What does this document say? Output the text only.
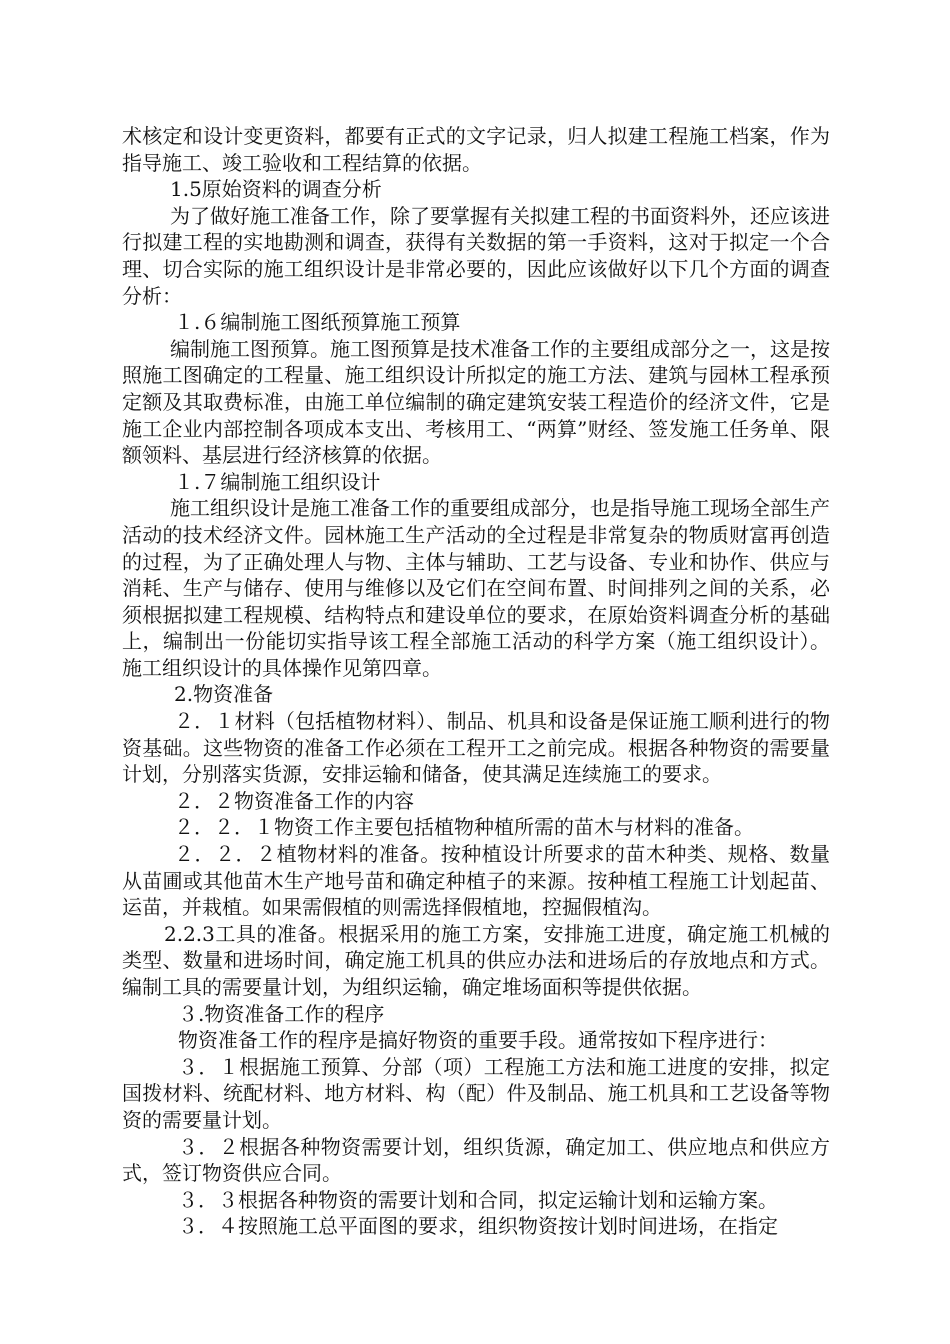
术核定和设计变更资料，都要有正式的文字记录，归人拟建工程施工档案，作为指导施工、竣工验收和工程结算的依据。

1.5原始资料的调查分析

为了做好施工准备工作，除了要掌握有关拟建工程的书面资料外，还应该进行拟建工程的实地勘测和调查，获得有关数据的第一手资料，这对于拟定一个合理、切合实际的施工组织设计是非常必要的，因此应该做好以下几个方面的调查分析：

１.６编制施工图纸预算施工预算

编制施工图预算。施工图预算是技术准备工作的主要组成部分之一，这是按照施工图确定的工程量、施工组织设计所拟定的施工方法、建筑与园林工程承预定额及其取费标准，由施工单位编制的确定建筑安装工程造价的经济文件，它是施工企业内部控制各项成本支出、考核用工、“两算”财经、签发施工任务单、限额领料、基层进行经济核算的依据。

１.７编制施工组织设计

施工组织设计是施工准备工作的重要组成部分，也是指导施工现场全部生产活动的技术经济文件。园林施工生产活动的全过程是非常复杂的物质财富再创造的过程，为了正确处理人与物、主体与辅助、工艺与设备、专业和协作、供应与消耗、生产与储存、使用与维修以及它们在空间布置、时间排列之间的关系，必须根据拟建工程规模、结构特点和建设单位的要求，在原始资料调查分析的基础上，编制出一份能切实指导该工程全部施工活动的科学方案（施工组织设计）。施工组织设计的具体操作见第四章。

2.物资准备

２．１材料（包括植物材料）、制品、机具和设备是保证施工顺利进行的物资基础。这些物资的准备工作必须在工程开工之前完成。根据各种物资的需要量计划，分别落实货源，安排运输和储备，使其满足连续施工的要求。

２．２物资准备工作的内容

２．２．１物资工作主要包括植物种植所需的苗木与材料的准备。

２．２．２植物材料的准备。按种植设计所要求的苗木种类、规格、数量从苗圃或其他苗木生产地号苗和确定种植子的来源。按种植工程施工计划起苗、运苗，并栽植。如果需假植的则需选择假植地，控掘假植沟。

2.2.3工具的准备。根据采用的施工方案，安排施工进度，确定施工机械的类型、数量和进场时间，确定施工机具的供应办法和进场后的存放地点和方式。编制工具的需要量计划，为组织运输，确定堆场面积等提供依据。

３.物资准备工作的程序

物资准备工作的程序是搞好物资的重要手段。通常按如下程序进行：

３．１根据施工预算、分部（项）工程施工方法和施工进度的安排，拟定国拨材料、统配材料、地方材料、构（配）件及制品、施工机具和工艺设备等物资的需要量计划。

３．２根据各种物资需要计划，组织货源，确定加工、供应地点和供应方式，签订物资供应合同。

３．３根据各种物资的需要计划和合同，拟定运输计划和运输方案。

３．４按照施工总平面图的要求，组织物资按计划时间进场，在指定
